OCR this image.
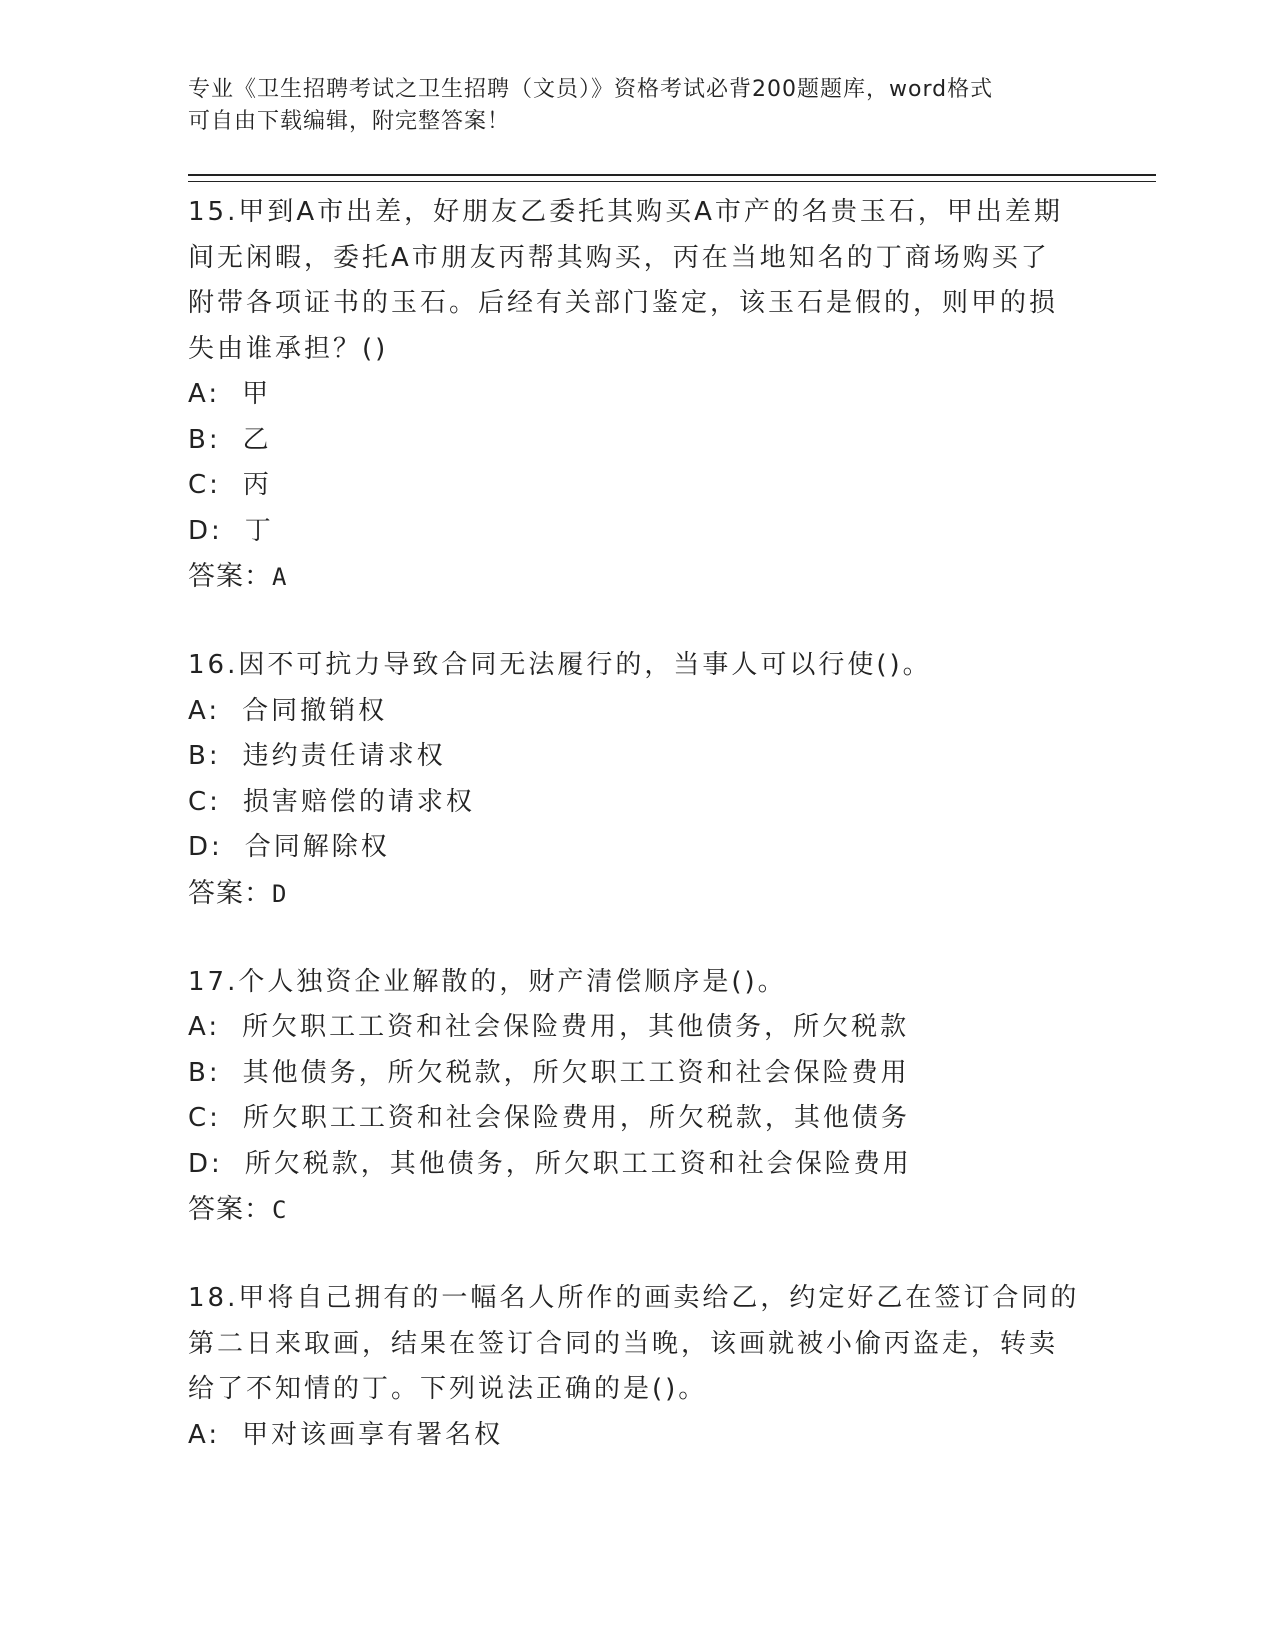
专业《卫生招聘考试之卫生招聘（文员）》资格考试必背200题题库，word格式
可自由下载编辑，附完整答案！
15.甲到A市出差，好朋友乙委托其购买A市产的名贵玉石，甲出差期
间无闲暇，委托A市朋友丙帮其购买，丙在当地知名的丁商场购买了
附带各项证书的玉石。后经有关部门鉴定，该玉石是假的，则甲的损
失由谁承担？()
A: 甲
B: 乙
C: 丙
D: 丁
答案：A
16.因不可抗力导致合同无法履行的，当事人可以行使()。
A: 合同撤销权
B: 违约责任请求权
C: 损害赔偿的请求权
D: 合同解除权
答案：D
17.个人独资企业解散的，财产清偿顺序是()。
A: 所欠职工工资和社会保险费用，其他债务，所欠税款
B: 其他债务，所欠税款，所欠职工工资和社会保险费用
C: 所欠职工工资和社会保险费用，所欠税款，其他债务
D: 所欠税款，其他债务，所欠职工工资和社会保险费用
答案：C
18.甲将自己拥有的一幅名人所作的画卖给乙，约定好乙在签订合同的
第二日来取画，结果在签订合同的当晚，该画就被小偷丙盗走，转卖
给了不知情的丁。下列说法正确的是()。
A: 甲对该画享有署名权
